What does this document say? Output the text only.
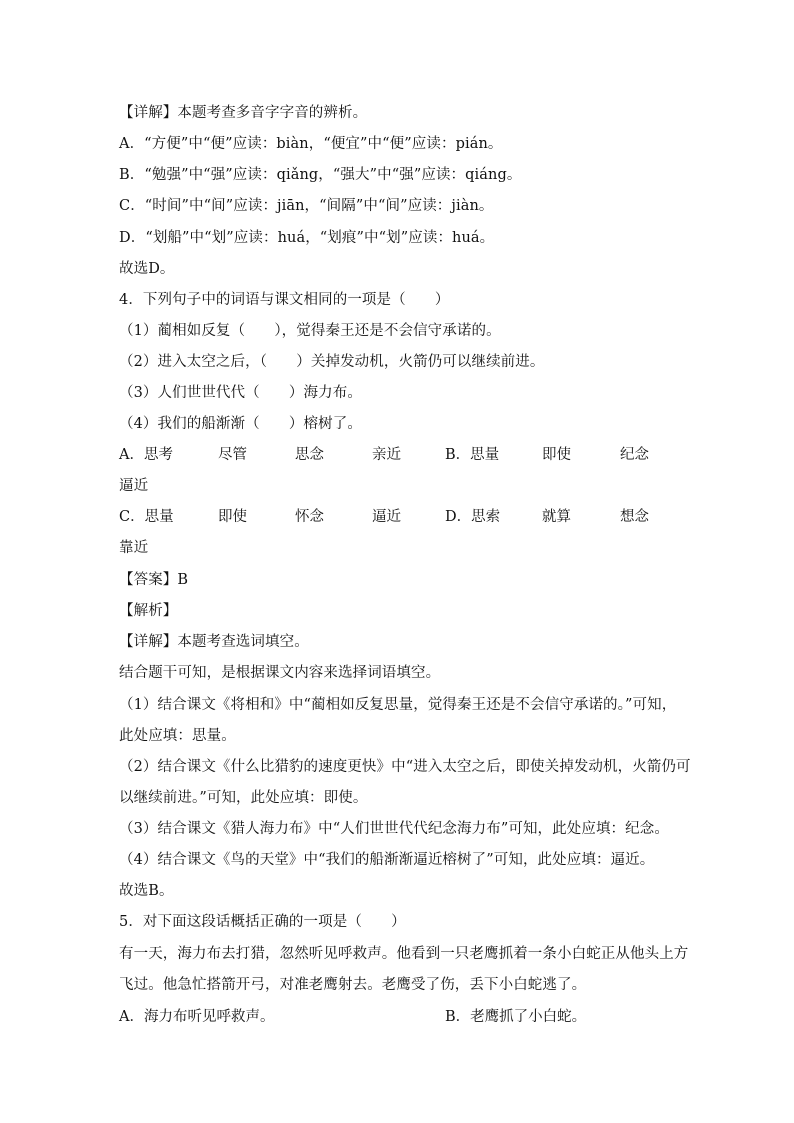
【详解】本题考查多音字字音的辨析。
A．“方便”中“便”应读：biàn，“便宜”中“便”应读：pián。
B．“勉强”中“强”应读：qiǎng，“强大”中“强”应读：qiáng。
C．“时间”中“间”应读：jiān，“间隔”中“间”应读：jiàn。
D．“划船”中“划”应读：huá，“划痕”中“划”应读：huá。
故选D。
4．下列句子中的词语与课文相同的一项是（　　）
（1）蔺相如反复（　　），觉得秦王还是不会信守承诺的。
（2）进入太空之后，（　　）关掉发动机，火箭仍可以继续前进。
（3）人们世世代代（　　）海力布。
（4）我们的船渐渐（　　）榕树了。
A．思考	尽管	思念	亲近	B．思量	即使	纪念
逼近
C．思量	即使	怀念	逼近	D．思索	就算	想念
靠近
【答案】B
【解析】
【详解】本题考查选词填空。
结合题干可知，是根据课文内容来选择词语填空。
（1）结合课文《将相和》中“蔺相如反复思量，觉得秦王还是不会信守承诺的。”可知，
此处应填：思量。
（2）结合课文《什么比猎豹的速度更快》中“进入太空之后，即使关掉发动机，火箭仍可
以继续前进。”可知，此处应填：即使。
（3）结合课文《猎人海力布》中“人们世世代代纪念海力布”可知，此处应填：纪念。
（4）结合课文《鸟的天堂》中“我们的船渐渐逼近榕树了”可知，此处应填：逼近。
故选B。
5．对下面这段话概括正确的一项是（　　）
有一天，海力布去打猎，忽然听见呼救声。他看到一只老鹰抓着一条小白蛇正从他头上方
飞过。他急忙搭箭开弓，对准老鹰射去。老鹰受了伤，丢下小白蛇逃了。
A．海力布听见呼救声。	B．老鹰抓了小白蛇。
